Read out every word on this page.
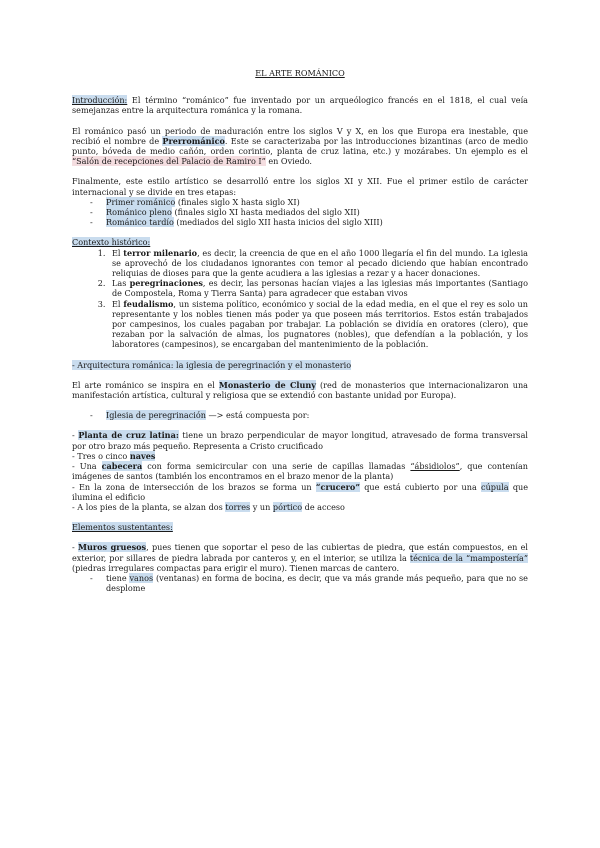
EL ARTE ROMÁNICO

Introducción: El término “románico” fue inventado por un arqueólogico francés en el 1818, el cual veía semejanzas entre la arquitectura románica y la romana.

El románico pasó un periodo de maduración entre los siglos V y X, en los que Europa era inestable, que recibió el nombre de Prerrománico. Este se caracterizaba por las introducciones bizantinas (arco de medio punto, bóveda de medio cañón, orden corintio, planta de cruz latina, etc.) y mozárabes. Un ejemplo es el “Salón de recepciones del Palacio de Ramiro I” en Oviedo.

Finalmente, este estilo artístico se desarrolló entre los siglos XI y XII. Fue el primer estilo de carácter internacional y se divide en tres etapas:

- Primer románico (finales siglo X hasta siglo XI)
- Románico pleno (finales siglo XI hasta mediados del siglo XII)
- Románico tardío (mediados del siglo XII hasta inicios del siglo XIII)

Contexto histórico:

1. El terror milenario, es decir, la creencia de que en el año 1000 llegaría el fin del mundo. La iglesia se aprovechó de los ciudadanos ignorantes con temor al pecado diciendo que habían encontrado reliquias de dioses para que la gente acudiera a las iglesias a rezar y a hacer donaciones.
2. Las peregrinaciones, es decir, las personas hacían viajes a las iglesias más importantes (Santiago de Compostela, Roma y Tierra Santa) para agradecer que estaban vivos
3. El feudalismo, un sistema político, económico y social de la edad media, en el que el rey es solo un representante y los nobles tienen más poder ya que poseen más territorios. Estos están trabajados por campesinos, los cuales pagaban por trabajar. La población se dividía en oratores (clero), que rezaban por la salvación de almas, los pugnatores (nobles), que defendían a la población, y los laboratores (campesinos), se encargaban del mantenimiento de la población.

- Arquitectura románica: la iglesia de peregrinación y el monasterio

El arte románico se inspira en el Monasterio de Cluny (red de monasterios que internacionalizaron una manifestación artística, cultural y religiosa que se extendió con bastante unidad por Europa).

- Iglesia de peregrinación —> está compuesta por:

- Planta de cruz latina: tiene un brazo perpendicular de mayor longitud, atravesado de forma transversal por otro brazo más pequeño. Representa a Cristo crucificado

- Tres o cinco naves

- Una cabecera con forma semicircular con una serie de capillas llamadas “ábsidiolos”, que contenían imágenes de santos (también los encontramos en el brazo menor de la planta)

- En la zona de intersección de los brazos se forma un “crucero” que está cubierto por una cúpula que ilumina el edificio

- A los pies de la planta, se alzan dos torres y un pórtico de acceso

Elementos sustentantes:

- Muros gruesos, pues tienen que soportar el peso de las cubiertas de piedra, que están compuestos, en el exterior, por sillares de piedra labrada por canteros y, en el interior, se utiliza la técnica de la “mampostería” (piedras irregulares compactas para erigir el muro). Tienen marcas de cantero.

- tiene vanos (ventanas) en forma de bocina, es decir, que va más grande más pequeño, para que no se desplome
